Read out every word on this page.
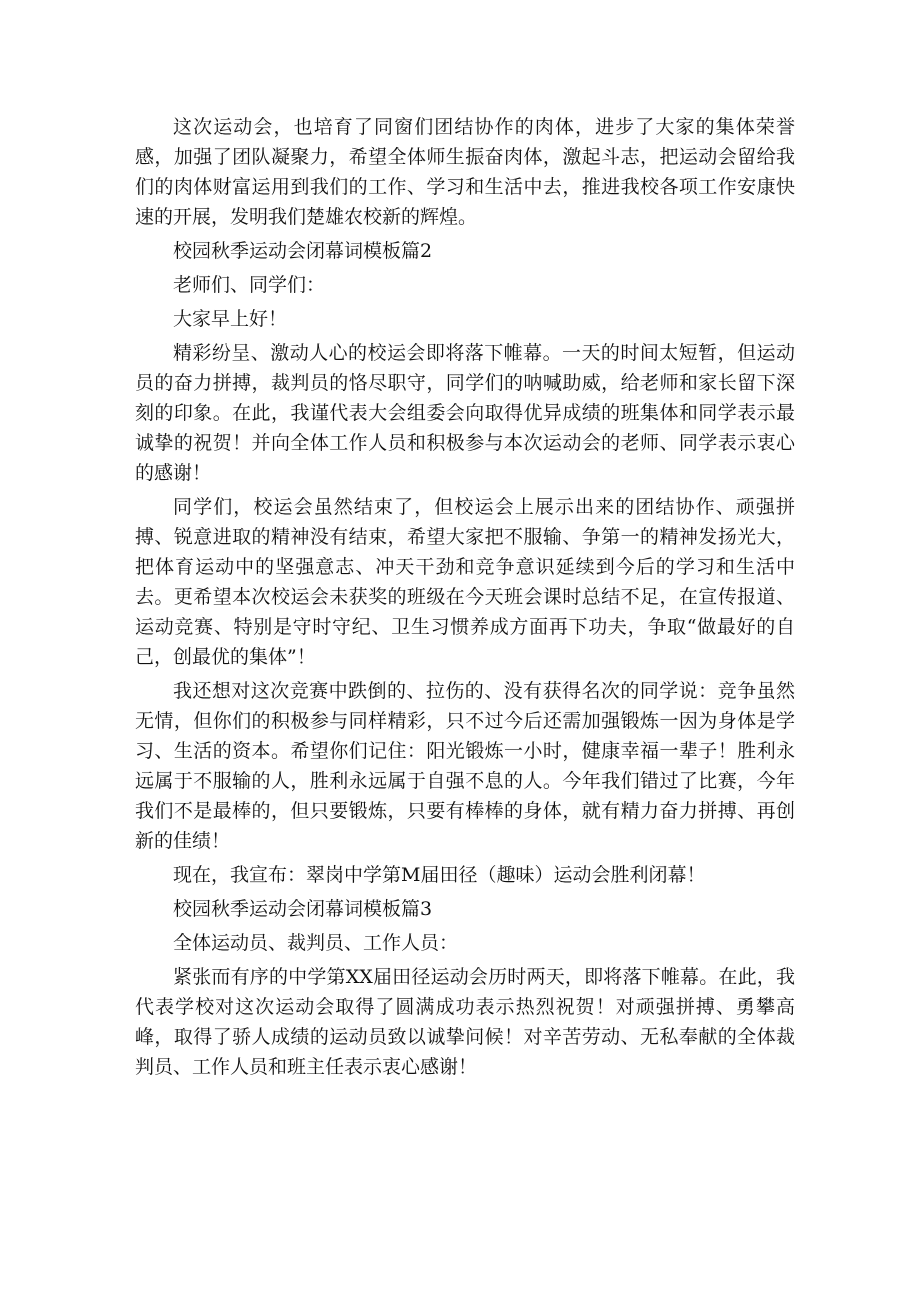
这次运动会，也培育了同窗们团结协作的肉体，进步了大家的集体荣誉感，加强了团队凝聚力，希望全体师生振奋肉体，激起斗志，把运动会留给我们的肉体财富运用到我们的工作、学习和生活中去，推进我校各项工作安康快速的开展，发明我们楚雄农校新的辉煌。

校园秋季运动会闭幕词模板篇2

老师们、同学们：

大家早上好！

精彩纷呈、激动人心的校运会即将落下帷幕。一天的时间太短暂，但运动员的奋力拼搏，裁判员的恪尽职守，同学们的呐喊助威，给老师和家长留下深刻的印象。在此，我谨代表大会组委会向取得优异成绩的班集体和同学表示最诚挚的祝贺！并向全体工作人员和积极参与本次运动会的老师、同学表示衷心的感谢！

同学们，校运会虽然结束了，但校运会上展示出来的团结协作、顽强拼搏、锐意进取的精神没有结束，希望大家把不服输、争第一的精神发扬光大，把体育运动中的坚强意志、冲天干劲和竞争意识延续到今后的学习和生活中去。更希望本次校运会未获奖的班级在今天班会课时总结不足，在宣传报道、运动竞赛、特别是守时守纪、卫生习惯养成方面再下功夫，争取“做最好的自己，创最优的集体”！

我还想对这次竞赛中跌倒的、拉伤的、没有获得名次的同学说：竞争虽然无情，但你们的积极参与同样精彩，只不过今后还需加强锻炼一因为身体是学习、生活的资本。希望你们记住：阳光锻炼一小时，健康幸福一辈子！胜利永远属于不服输的人，胜利永远属于自强不息的人。今年我们错过了比赛，今年我们不是最棒的，但只要锻炼，只要有棒棒的身体，就有精力奋力拼搏、再创新的佳绩！

现在，我宣布：翠岗中学第M届田径（趣味）运动会胜利闭幕！

校园秋季运动会闭幕词模板篇3

全体运动员、裁判员、工作人员：

紧张而有序的中学第XX届田径运动会历时两天，即将落下帷幕。在此，我代表学校对这次运动会取得了圆满成功表示热烈祝贺！对顽强拼搏、勇攀高峰，取得了骄人成绩的运动员致以诚挚问候！对辛苦劳动、无私奉献的全体裁判员、工作人员和班主任表示衷心感谢！
